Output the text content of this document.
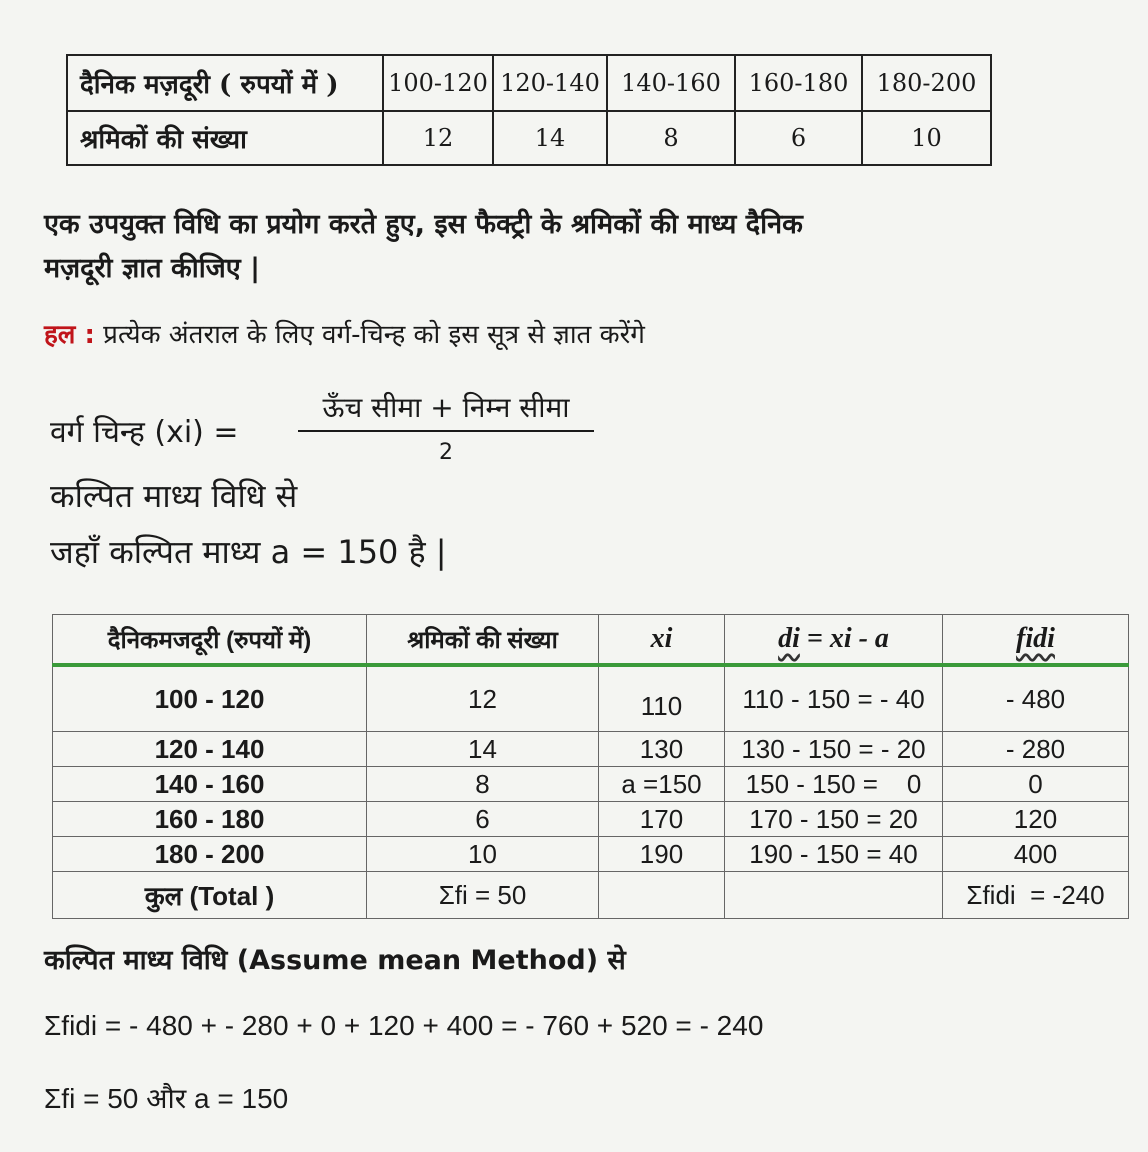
दैनिक मज़दूरी ( रुपयों में )	100-120	120-140	140-160	160-180	180-200
श्रमिकों की संख्या	12	14	8	6	10
एक उपयुक्त विधि का प्रयोग करते हुए, इस फैक्ट्री के श्रमिकों की माध्य दैनिक
मज़दूरी ज्ञात कीजिए |
हल : प्रत्येक अंतराल के लिए वर्ग-चिन्ह को इस सूत्र से ज्ञात करेंगे
वर्ग चिन्ह (xi) =
ऊँच सीमा + निम्न सीमा
2
कल्पित माध्य विधि से
जहाँ कल्पित माध्य a = 150 है |
दैनिकमजदूरी (रुपयों में)	श्रमिकों की संख्या	xi	di = xi - a	fidi
100 - 120	12	110	110 - 150 = - 40	- 480
120 - 140	14	130	130 - 150 = - 20	- 280
140 - 160	8	a =150	150 - 150 =    0	0
160 - 180	6	170	170 - 150 = 20	120
180 - 200	10	190	190 - 150 = 40	400
कुल (Total )	Σfi = 50			Σfidi  = -240
कल्पित माध्य विधि (Assume mean Method) से
Σfidi = - 480 + - 280 + 0 + 120 + 400 = - 760 + 520 = - 240
Σfi = 50 और a = 150
